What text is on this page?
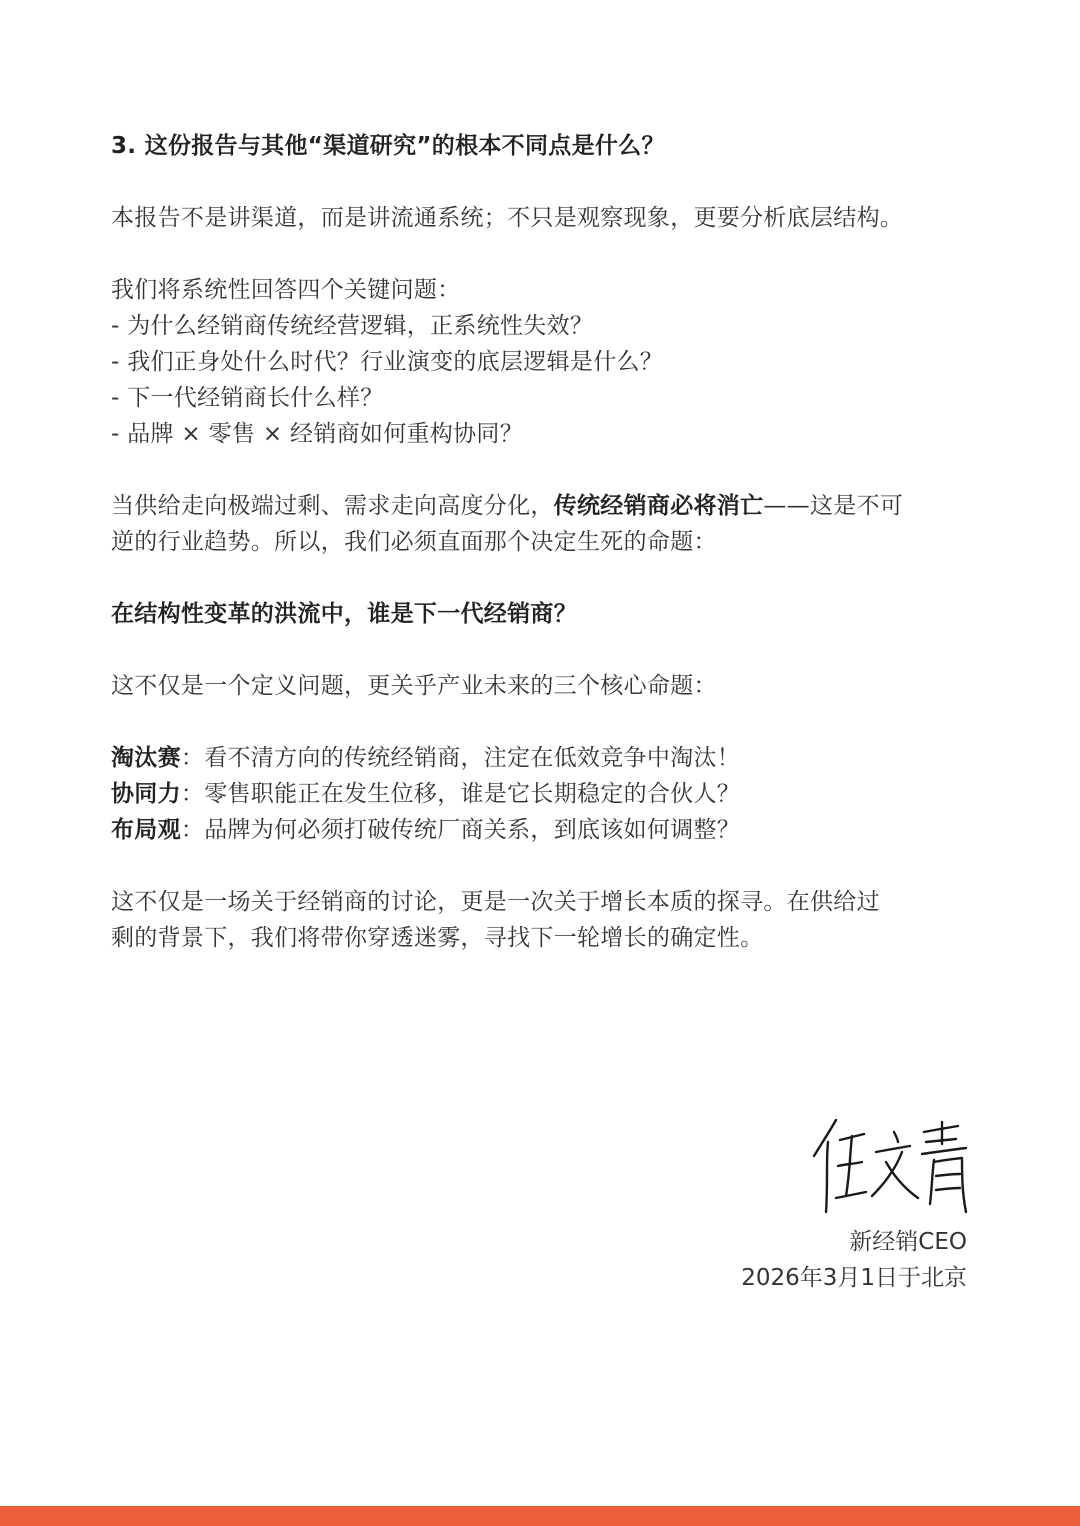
3. 这份报告与其他“渠道研究”的根本不同点是什么？
本报告不是讲渠道，而是讲流通系统；不只是观察现象，更要分析底层结构。
我们将系统性回答四个关键问题：
- 为什么经销商传统经营逻辑，正系统性失效？
- 我们正身处什么时代？行业演变的底层逻辑是什么？
- 下一代经销商长什么样？
- 品牌 × 零售 × 经销商如何重构协同？
当供给走向极端过剩、需求走向高度分化，传统经销商必将消亡——这是不可
逆的行业趋势。所以，我们必须直面那个决定生死的命题：
在结构性变革的洪流中，谁是下一代经销商？
这不仅是一个定义问题，更关乎产业未来的三个核心命题：
淘汰赛：看不清方向的传统经销商，注定在低效竞争中淘汰！
协同力：零售职能正在发生位移，谁是它长期稳定的合伙人？
布局观：品牌为何必须打破传统厂商关系，到底该如何调整？
这不仅是一场关于经销商的讨论，更是一次关于增长本质的探寻。在供给过
剩的背景下，我们将带你穿透迷雾，寻找下一轮增长的确定性。
新经销CEO
2026年3月1日于北京
